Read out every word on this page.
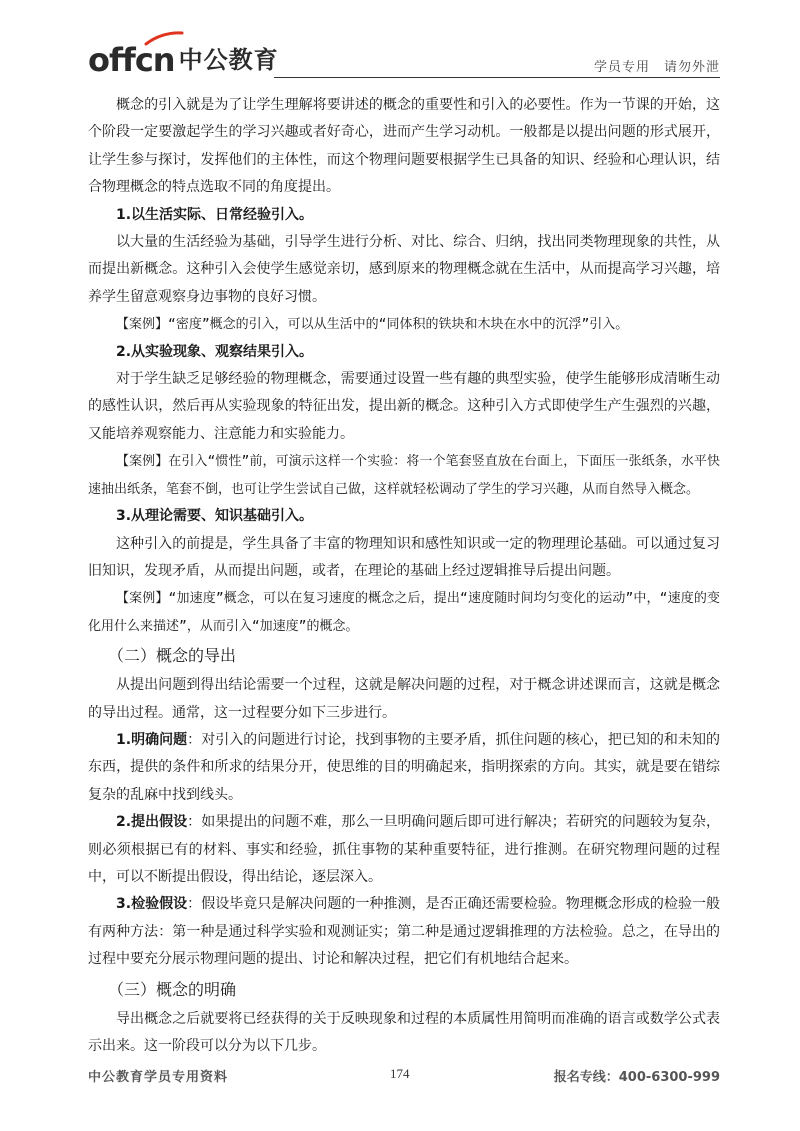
offcn 中公教育	学员专用　请勿外泄

概念的引入就是为了让学生理解将要讲述的概念的重要性和引入的必要性。作为一节课的开始，这个阶段一定要激起学生的学习兴趣或者好奇心，进而产生学习动机。一般都是以提出问题的形式展开，让学生参与探讨，发挥他们的主体性，而这个物理问题要根据学生已具备的知识、经验和心理认识，结合物理概念的特点选取不同的角度提出。

1.以生活实际、日常经验引入。

以大量的生活经验为基础，引导学生进行分析、对比、综合、归纳，找出同类物理现象的共性，从而提出新概念。这种引入会使学生感觉亲切，感到原来的物理概念就在生活中，从而提高学习兴趣，培养学生留意观察身边事物的良好习惯。

【案例】“密度”概念的引入，可以从生活中的“同体积的铁块和木块在水中的沉浮”引入。

2.从实验现象、观察结果引入。

对于学生缺乏足够经验的物理概念，需要通过设置一些有趣的典型实验，使学生能够形成清晰生动的感性认识，然后再从实验现象的特征出发，提出新的概念。这种引入方式即使学生产生强烈的兴趣，又能培养观察能力、注意能力和实验能力。

【案例】在引入“惯性”前，可演示这样一个实验：将一个笔套竖直放在台面上，下面压一张纸条，水平快速抽出纸条，笔套不倒，也可让学生尝试自己做，这样就轻松调动了学生的学习兴趣，从而自然导入概念。

3.从理论需要、知识基础引入。

这种引入的前提是，学生具备了丰富的物理知识和感性知识或一定的物理理论基础。可以通过复习旧知识，发现矛盾，从而提出问题，或者，在理论的基础上经过逻辑推导后提出问题。

【案例】“加速度”概念，可以在复习速度的概念之后，提出“速度随时间均匀变化的运动”中，“速度的变化用什么来描述”，从而引入“加速度”的概念。

（二）概念的导出

从提出问题到得出结论需要一个过程，这就是解决问题的过程，对于概念讲述课而言，这就是概念的导出过程。通常，这一过程要分如下三步进行。

1.明确问题：对引入的问题进行讨论，找到事物的主要矛盾，抓住问题的核心，把已知的和未知的东西，提供的条件和所求的结果分开，使思维的目的明确起来，指明探索的方向。其实，就是要在错综复杂的乱麻中找到线头。

2.提出假设：如果提出的问题不难，那么一旦明确问题后即可进行解决；若研究的问题较为复杂，则必须根据已有的材料、事实和经验，抓住事物的某种重要特征，进行推测。在研究物理问题的过程中，可以不断提出假设，得出结论，逐层深入。

3.检验假设：假设毕竟只是解决问题的一种推测，是否正确还需要检验。物理概念形成的检验一般有两种方法：第一种是通过科学实验和观测证实；第二种是通过逻辑推理的方法检验。总之，在导出的过程中要充分展示物理问题的提出、讨论和解决过程，把它们有机地结合起来。

（三）概念的明确

导出概念之后就要将已经获得的关于反映现象和过程的本质属性用简明而准确的语言或数学公式表示出来。这一阶段可以分为以下几步。

中公教育学员专用资料	174	报名专线：400-6300-999
